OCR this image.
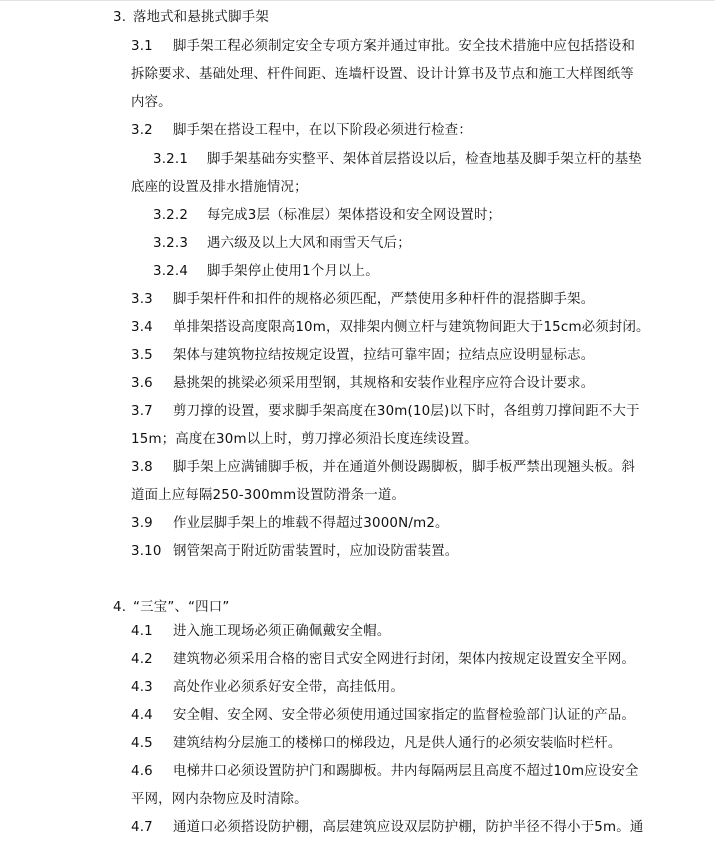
3. 落地式和悬挑式脚手架
3.1 脚手架工程必须制定安全专项方案并通过审批。安全技术措施中应包括搭设和
拆除要求、基础处理、杆件间距、连墙杆设置、设计计算书及节点和施工大样图纸等
内容。
3.2 脚手架在搭设工程中，在以下阶段必须进行检查：
3.2.1 脚手架基础夯实整平、架体首层搭设以后，检查地基及脚手架立杆的基垫
底座的设置及排水措施情况；
3.2.2 每完成3层（标准层）架体搭设和安全网设置时；
3.2.3 遇六级及以上大风和雨雪天气后；
3.2.4 脚手架停止使用1个月以上。
3.3 脚手架杆件和扣件的规格必须匹配，严禁使用多种杆件的混搭脚手架。
3.4 单排架搭设高度限高10m，双排架内侧立杆与建筑物间距大于15cm必须封闭。
3.5 架体与建筑物拉结按规定设置，拉结可靠牢固；拉结点应设明显标志。
3.6 悬挑架的挑梁必须采用型钢，其规格和安装作业程序应符合设计要求。
3.7 剪刀撑的设置，要求脚手架高度在30m(10层)以下时，各组剪刀撑间距不大于
15m；高度在30m以上时，剪刀撑必须沿长度连续设置。
3.8 脚手架上应满铺脚手板，并在通道外侧设踢脚板，脚手板严禁出现翘头板。斜
道面上应每隔250-300mm设置防滑条一道。
3.9 作业层脚手架上的堆载不得超过3000N/m2。
3.10 钢管架高于附近防雷装置时，应加设防雷装置。
4. “三宝”、“四口”
4.1 进入施工现场必须正确佩戴安全帽。
4.2 建筑物必须采用合格的密目式安全网进行封闭，架体内按规定设置安全平网。
4.3 高处作业必须系好安全带，高挂低用。
4.4 安全帽、安全网、安全带必须使用通过国家指定的监督检验部门认证的产品。
4.5 建筑结构分层施工的楼梯口的梯段边，凡是供人通行的必须安装临时栏杆。
4.6 电梯井口必须设置防护门和踢脚板。井内每隔两层且高度不超过10m应设安全
平网，网内杂物应及时清除。
4.7 通道口必须搭设防护棚，高层建筑应设双层防护棚，防护半径不得小于5m。通
